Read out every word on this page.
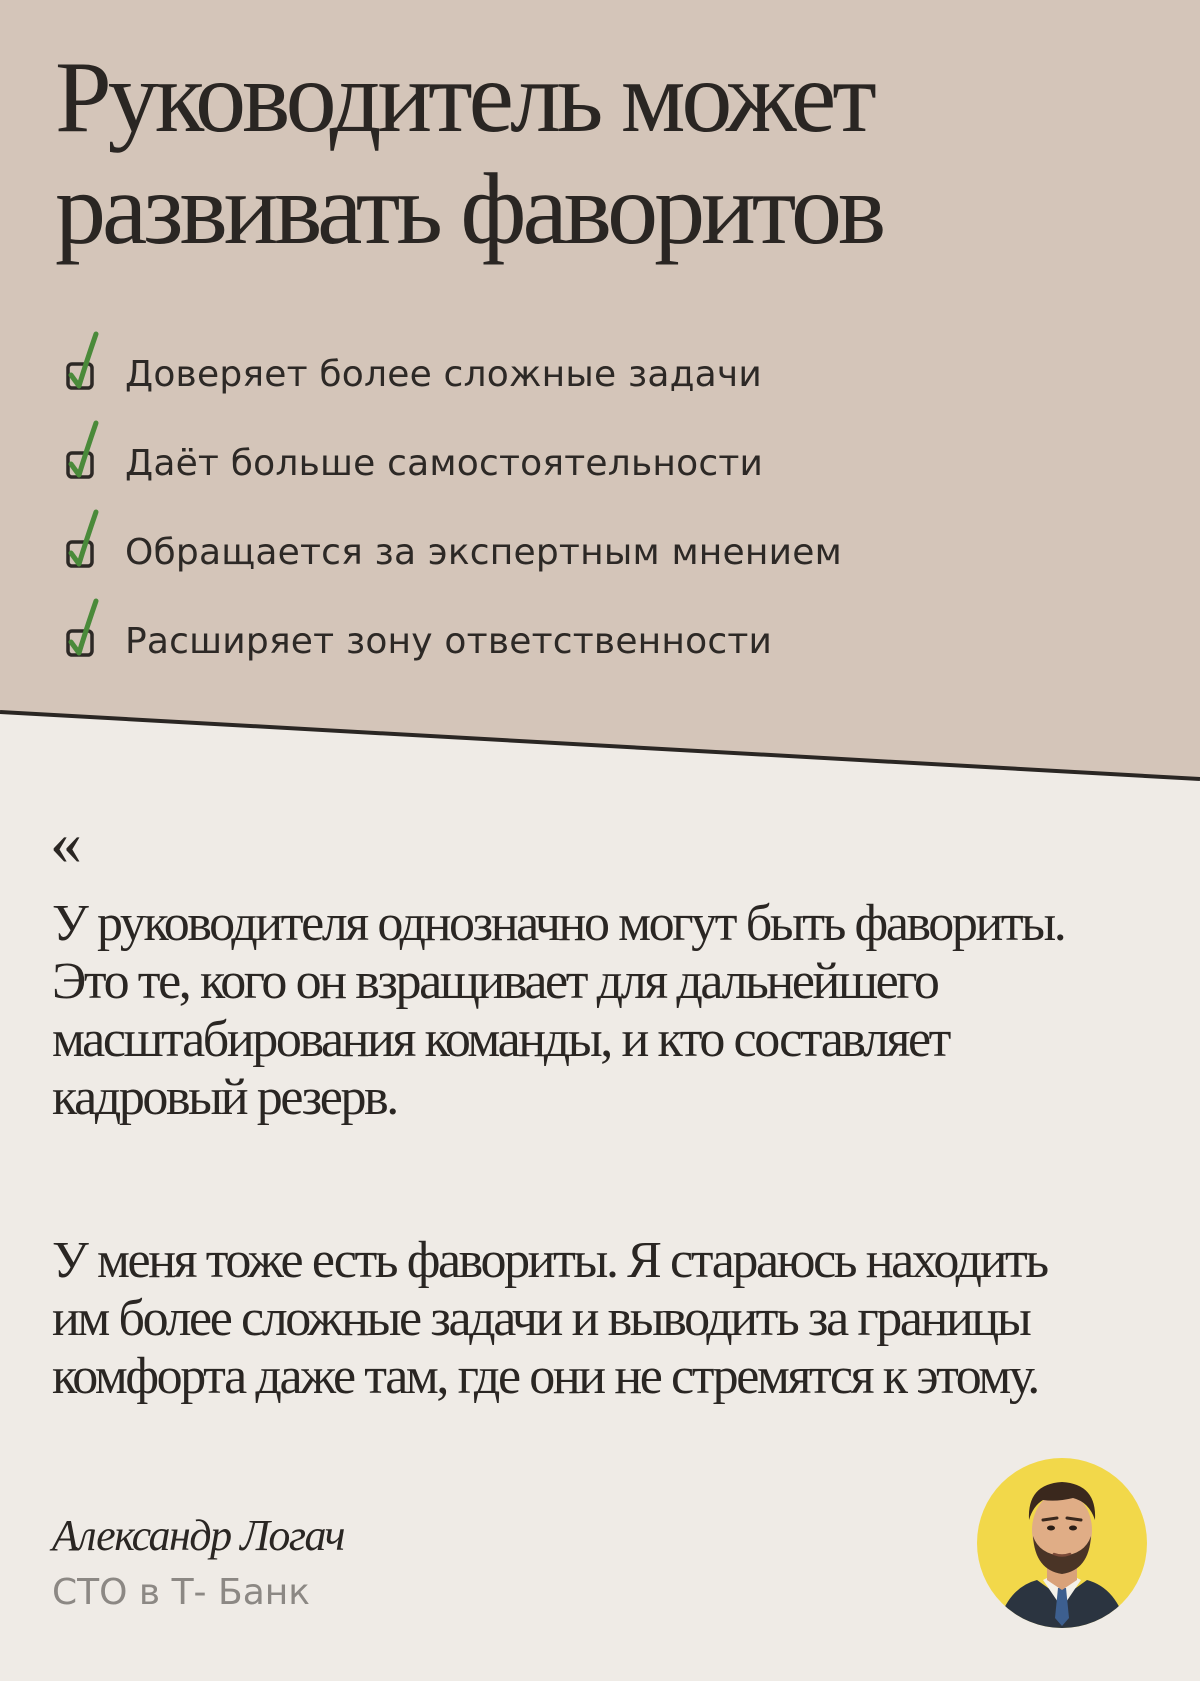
Руководитель может
развивать фаворитов
Доверяет более сложные задачи
Даёт больше самостоятельности
Обращается за экспертным мнением
Расширяет зону ответственности
«

У руководителя однозначно могут быть фавориты.
Это те, кого он взращивает для дальнейшего
масштабирования команды, и кто составляет
кадровый резерв.

У меня тоже есть фавориты. Я стараюсь находить
им более сложные задачи и выводить за границы
комфорта даже там, где они не стремятся к этому.

Александр Логач
CTO в Т- Банк
